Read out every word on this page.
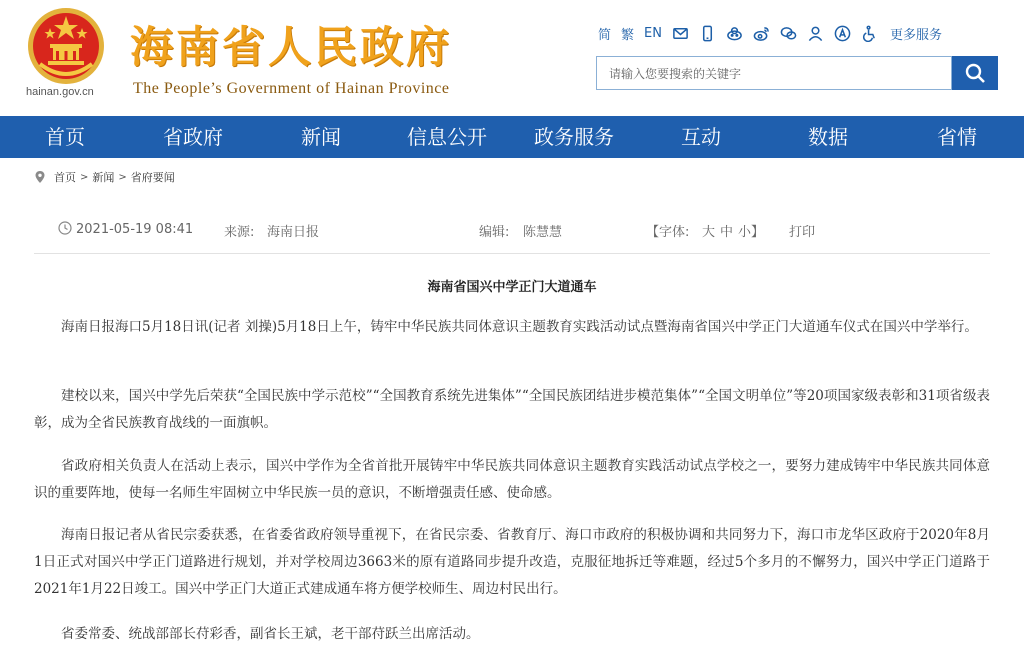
hainan.gov.cn
海南省人民政府
The People’s Government of Hainan Province
简 繁 EN	更多服务
请输入您要搜索的关键字
首页	省政府	新闻	信息公开	政务服务	互动	数据	省情
首页 > 新闻 > 省府要闻
2021-05-19 08:41 来源: 海南日报	编辑: 陈慧慧	【字体: 大 中 小】 打印
海南省国兴中学正门大道通车
海南日报海口5月18日讯(记者 刘操)5月18日上午，铸牢中华民族共同体意识主题教育实践活动试点暨海南省国兴中学正门大道通车仪式在国兴中学举行。
建校以来，国兴中学先后荣获“全国民族中学示范校”“全国教育系统先进集体”“全国民族团结进步模范集体”“全国文明单位”等20项国家级表彰和31项省级表彰，成为全省民族教育战线的一面旗帜。
省政府相关负责人在活动上表示，国兴中学作为全省首批开展铸牢中华民族共同体意识主题教育实践活动试点学校之一，要努力建成铸牢中华民族共同体意识的重要阵地，使每一名师生牢固树立中华民族一员的意识，不断增强责任感、使命感。
海南日报记者从省民宗委获悉，在省委省政府领导重视下，在省民宗委、省教育厅、海口市政府的积极协调和共同努力下，海口市龙华区政府于2020年8月1日正式对国兴中学正门道路进行规划，并对学校周边3663米的原有道路同步提升改造，克服征地拆迁等难题，经过5个多月的不懈努力，国兴中学正门道路于2021年1月22日竣工。国兴中学正门大道正式建成通车将方便学校师生、周边村民出行。
省委常委、统战部部长苻彩香，副省长王斌，老干部苻跃兰出席活动。
